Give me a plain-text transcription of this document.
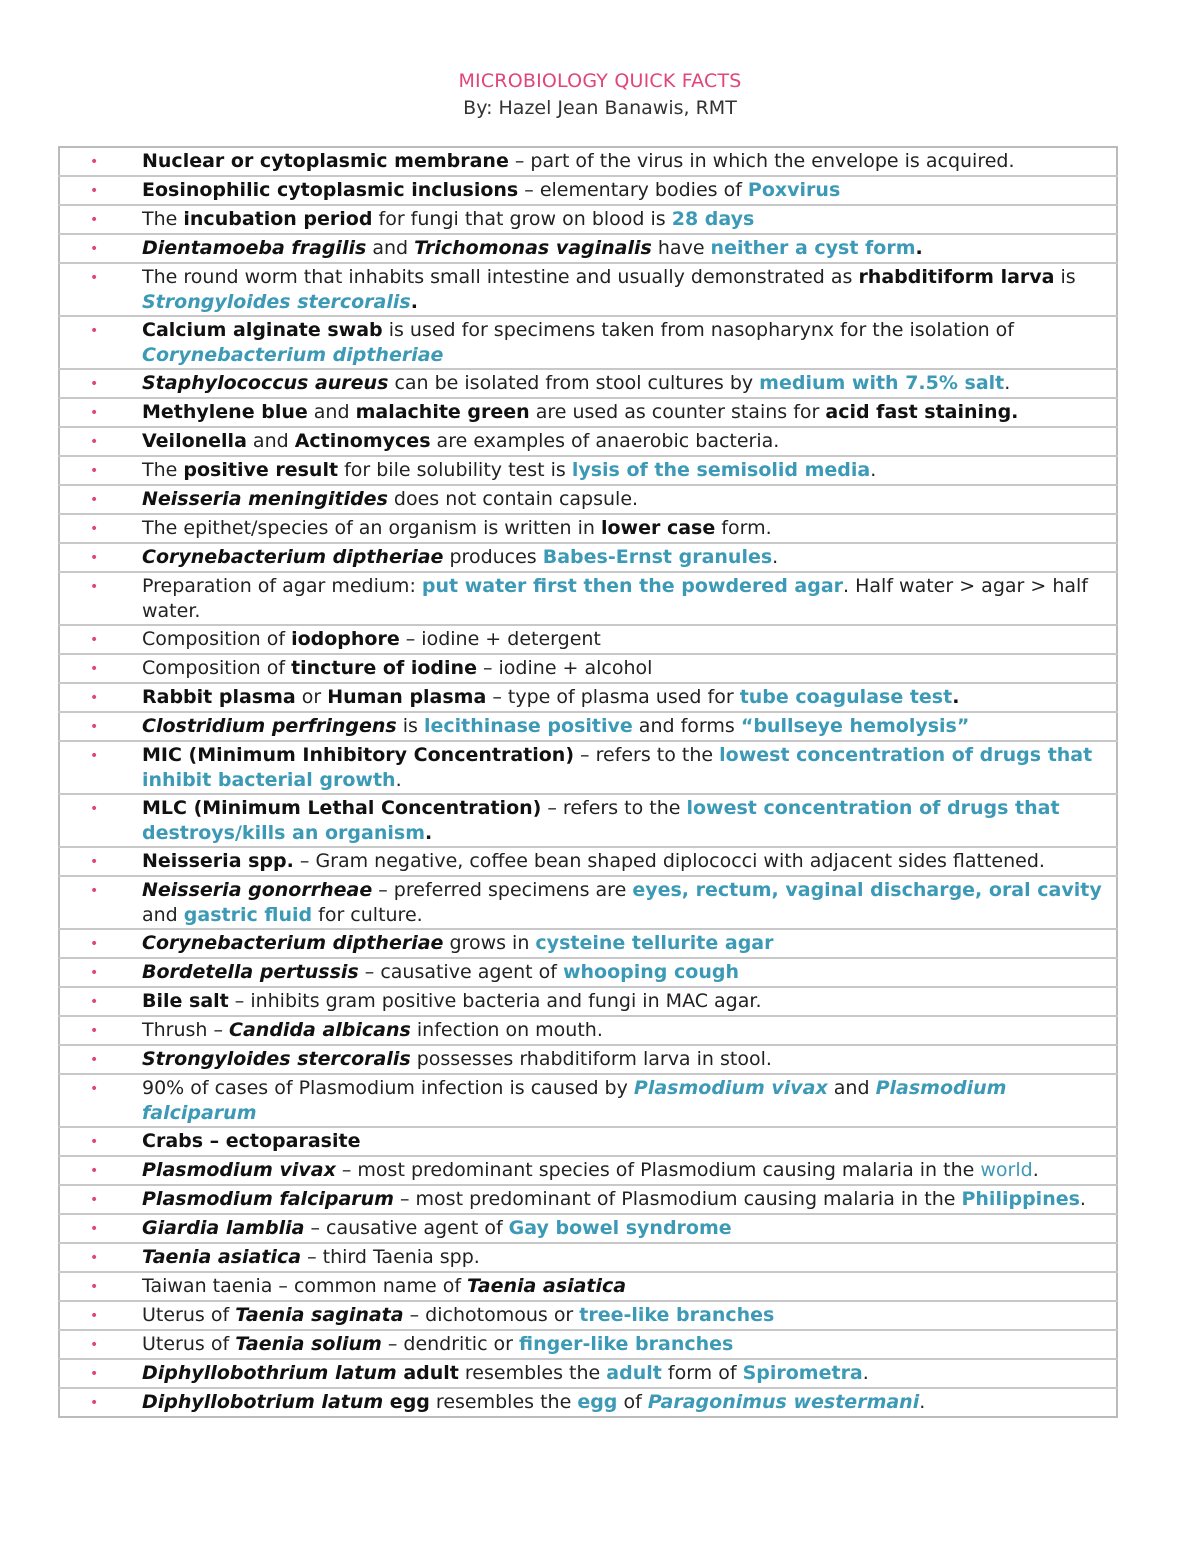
MICROBIOLOGY QUICK FACTS
By: Hazel Jean Banawis, RMT
•	Nuclear or cytoplasmic membrane – part of the virus in which the envelope is acquired.
•	Eosinophilic cytoplasmic inclusions – elementary bodies of Poxvirus
•	The incubation period for fungi that grow on blood is 28 days
•	Dientamoeba fragilis and Trichomonas vaginalis have neither a cyst form.
•	The round worm that inhabits small intestine and usually demonstrated as rhabditiform larva is Strongyloides stercoralis.
•	Calcium alginate swab is used for specimens taken from nasopharynx for the isolation of Corynebacterium diptheriae
•	Staphylococcus aureus can be isolated from stool cultures by medium with 7.5% salt.
•	Methylene blue and malachite green are used as counter stains for acid fast staining.
•	Veilonella and Actinomyces are examples of anaerobic bacteria.
•	The positive result for bile solubility test is lysis of the semisolid media.
•	Neisseria meningitides does not contain capsule.
•	The epithet/species of an organism is written in lower case form.
•	Corynebacterium diptheriae produces Babes-Ernst granules.
•	Preparation of agar medium: put water first then the powdered agar. Half water > agar > half water.
•	Composition of iodophore – iodine + detergent
•	Composition of tincture of iodine – iodine + alcohol
•	Rabbit plasma or Human plasma – type of plasma used for tube coagulase test.
•	Clostridium perfringens is lecithinase positive and forms “bullseye hemolysis”
•	MIC (Minimum Inhibitory Concentration) – refers to the lowest concentration of drugs that inhibit bacterial growth.
•	MLC (Minimum Lethal Concentration) – refers to the lowest concentration of drugs that destroys/kills an organism.
•	Neisseria spp. – Gram negative, coffee bean shaped diplococci with adjacent sides flattened.
•	Neisseria gonorrheae – preferred specimens are eyes, rectum, vaginal discharge, oral cavity and gastric fluid for culture.
•	Corynebacterium diptheriae grows in cysteine tellurite agar
•	Bordetella pertussis – causative agent of whooping cough
•	Bile salt – inhibits gram positive bacteria and fungi in MAC agar.
•	Thrush – Candida albicans infection on mouth.
•	Strongyloides stercoralis possesses rhabditiform larva in stool.
•	90% of cases of Plasmodium infection is caused by Plasmodium vivax and Plasmodium falciparum
•	Crabs – ectoparasite
•	Plasmodium vivax – most predominant species of Plasmodium causing malaria in the world.
•	Plasmodium falciparum – most predominant of Plasmodium causing malaria in the Philippines.
•	Giardia lamblia – causative agent of Gay bowel syndrome
•	Taenia asiatica – third Taenia spp.
•	Taiwan taenia – common name of Taenia asiatica
•	Uterus of Taenia saginata – dichotomous or tree-like branches
•	Uterus of Taenia solium – dendritic or finger-like branches
•	Diphyllobothrium latum adult resembles the adult form of Spirometra.
•	Diphyllobotrium latum egg resembles the egg of Paragonimus westermani.
